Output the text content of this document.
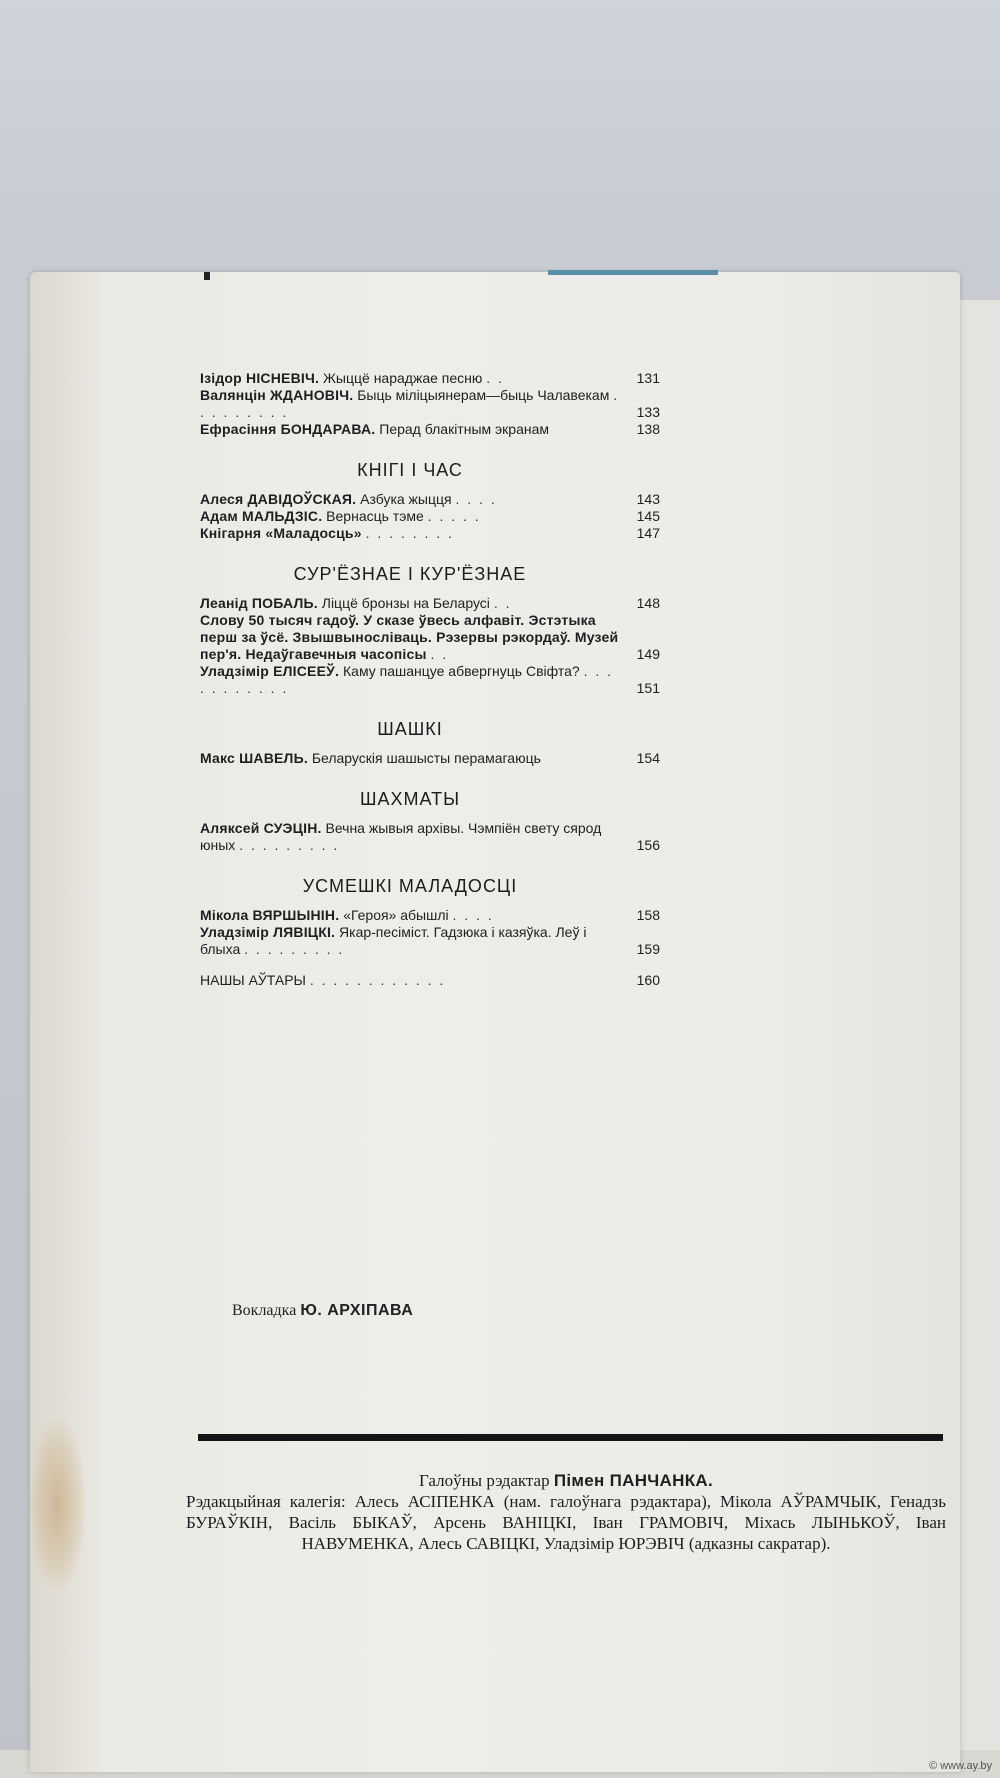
Ізідор НІСНЕВІЧ. Жыццё нараджае песню . .	131

Валянцін ЖДАНОВІЧ. Быць міліцыянерам—быць Чалавекам . . . . . . . . .	133

Ефрасіння БОНДАРАВА. Перад блакітным экранам	138

КНІГІ І ЧАС

Алеся ДАВІДОЎСКАЯ. Азбука жыцця . . . .	143

Адам МАЛЬДЗІС. Вернасць тэме . . . . .	145

Кнігарня «Маладосць» . . . . . . . .	147

СУР'ЁЗНАЕ І КУР'ЁЗНАЕ

Леанід ПОБАЛЬ. Ліццё бронзы на Беларусі . .	148

Слову 50 тысяч гадоў. У сказе ўвесь алфавіт. Эстэтыка перш за ўсё. Звышвыносліваць. Рэзервы рэкордаў. Музей пер'я. Недаўгавечныя часопісы . .	149

Уладзімір ЕЛІСЕЕЎ. Каму пашанцуе абвергнуць Свіфта? . . . . . . . . . . .	151

ШАШКІ

Макс ШАВЕЛЬ. Беларускія шашысты перамагаюць	154

ШАХМАТЫ

Аляксей СУЭЦІН. Вечна жывыя архівы. Чэмпіён свету сярод юных . . . . . . . . .	156

УСМЕШКІ МАЛАДОСЦІ

Мікола ВЯРШЫНІН. «Героя» абышлі . . . .	158

Уладзімір ЛЯВІЦКІ. Якар-песіміст. Гадзюка і казяўка. Леў і блыха . . . . . . . . .	159

НАШЫ АЎТАРЫ . . . . . . . . . . . .	160

Вокладка Ю. АРХІПАВА
Галоўны рэдактар Пімен ПАНЧАНКА.
Рэдакцыйная калегія: Алесь АСІПЕНКА (нам. галоўнага рэдактара), Мікола АЎРАМЧЫК, Генадзь БУРАЎКІН, Васіль БЫКАЎ, Арсень ВАНІЦКІ, Іван ГРАМОВІЧ, Міхась ЛЫНЬКОЎ, Іван НАВУМЕНКА, Алесь САВІЦКІ, Уладзімір ЮРЭВІЧ (адказны сакратар).
© www.ay.by
